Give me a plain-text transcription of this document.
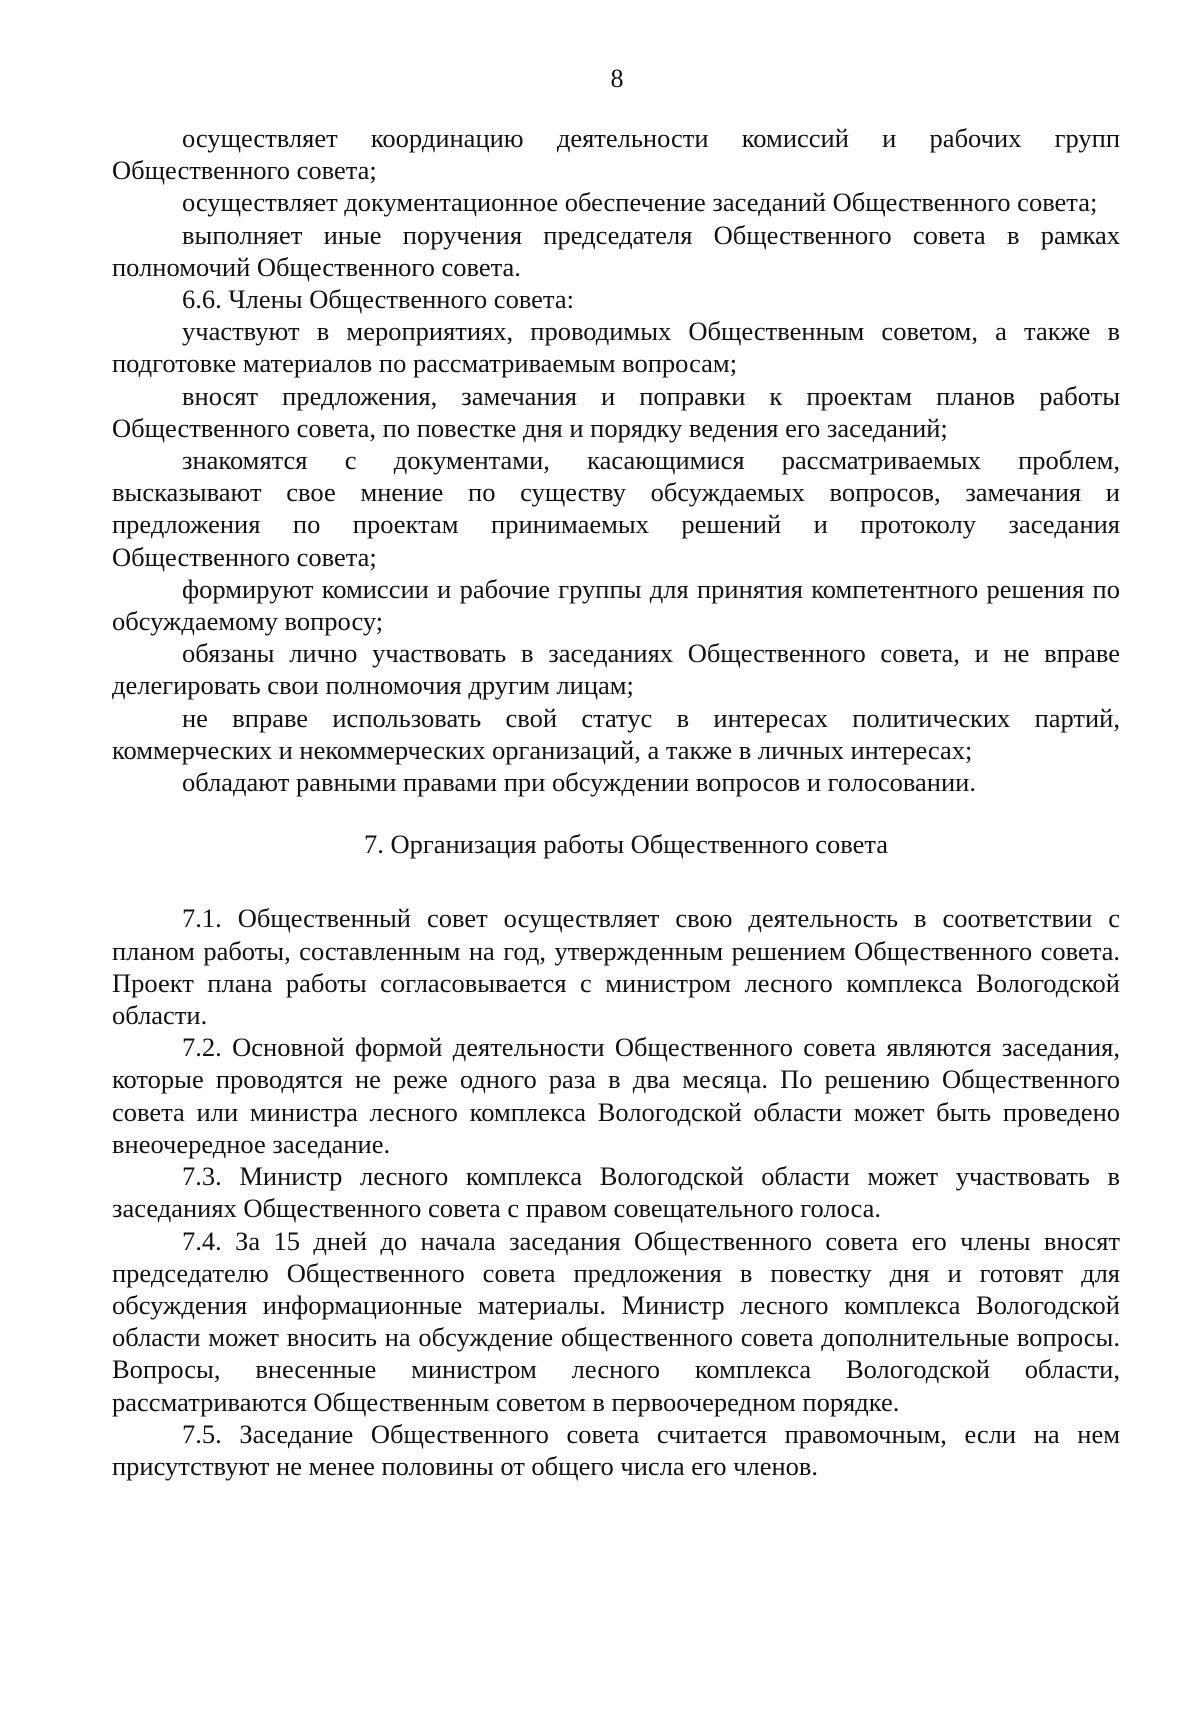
8

осуществляет координацию деятельности комиссий и рабочих групп Общественного совета;

осуществляет документационное обеспечение заседаний Общественного совета;

выполняет иные поручения председателя Общественного совета в рамках полномочий Общественного совета.

6.6. Члены Общественного совета:

участвуют в мероприятиях, проводимых Общественным советом, а также в подготовке материалов по рассматриваемым вопросам;

вносят предложения, замечания и поправки к проектам планов работы Общественного совета, по повестке дня и порядку ведения его заседаний;

знакомятся с документами, касающимися рассматриваемых проблем, высказывают свое мнение по существу обсуждаемых вопросов, замечания и предложения по проектам принимаемых решений и протоколу заседания Общественного совета;

формируют комиссии и рабочие группы для принятия компетентного решения по обсуждаемому вопросу;

обязаны лично участвовать в заседаниях Общественного совета, и не вправе делегировать свои полномочия другим лицам;

не вправе использовать свой статус в интересах политических партий, коммерческих и некоммерческих организаций, а также в личных интересах;

обладают равными правами при обсуждении вопросов и голосовании.

7. Организация работы Общественного совета

7.1. Общественный совет осуществляет свою деятельность в соответствии с планом работы, составленным на год, утвержденным решением Общественного совета. Проект плана работы согласовывается с министром лесного комплекса Вологодской области.

7.2. Основной формой деятельности Общественного совета являются заседания, которые проводятся не реже одного раза в два месяца. По решению Общественного совета или министра лесного комплекса Вологодской области может быть проведено внеочередное заседание.

7.3. Министр лесного комплекса Вологодской области может участвовать в заседаниях Общественного совета с правом совещательного голоса.

7.4. За 15 дней до начала заседания Общественного совета его члены вносят председателю Общественного совета предложения в повестку дня и готовят для обсуждения информационные материалы. Министр лесного комплекса Вологодской области может вносить на обсуждение общественного совета дополнительные вопросы. Вопросы, внесенные министром лесного комплекса Вологодской области, рассматриваются Общественным советом в первоочередном порядке.

7.5. Заседание Общественного совета считается правомочным, если на нем присутствуют не менее половины от общего числа его членов.
